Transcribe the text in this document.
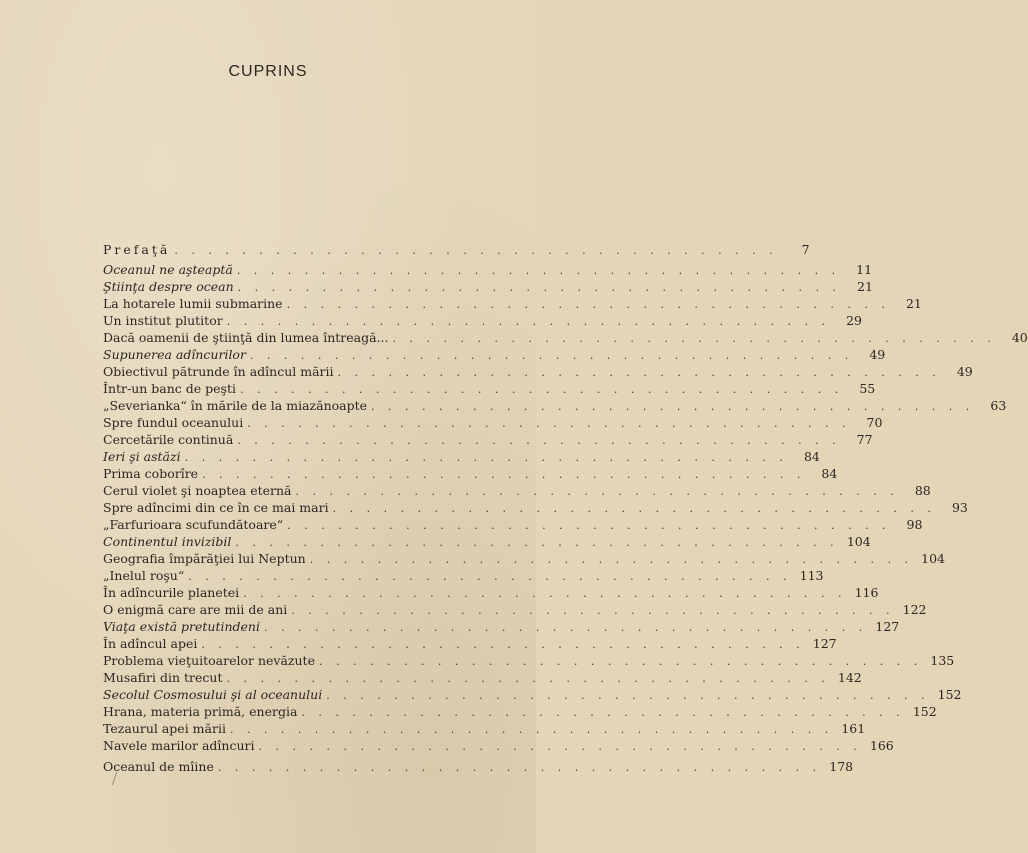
CUPRINS
Prefaţă . . . . . . . . . . . . . . . . . . . . . . . . . . . . . . . . . . . .	7
Oceanul ne aşteaptă . . . . . . . . . . . . . . . . . . . . . . . . . . . . . . . . . . . .	11
Ştiinţa despre ocean . . . . . . . . . . . . . . . . . . . . . . . . . . . . . . . . . . . .	21
La hotarele lumii submarine . . . . . . . . . . . . . . . . . . . . . . . . . . . . . . . . . . . .	21
Un institut plutitor . . . . . . . . . . . . . . . . . . . . . . . . . . . . . . . . . . . .	29
Dacă oamenii de ştiinţă din lumea întreagă... . . . . . . . . . . . . . . . . . . . . . . . . . . . . . . . . . . . .	40
Supunerea adîncurilor . . . . . . . . . . . . . . . . . . . . . . . . . . . . . . . . . . . .	49
Obiectivul pătrunde în adîncul mării . . . . . . . . . . . . . . . . . . . . . . . . . . . . . . . . . . . .	49
Într-un banc de peşti . . . . . . . . . . . . . . . . . . . . . . . . . . . . . . . . . . . .	55
„Severianka“ în mările de la miazănoapte . . . . . . . . . . . . . . . . . . . . . . . . . . . . . . . . . . . .	63
Spre fundul oceanului . . . . . . . . . . . . . . . . . . . . . . . . . . . . . . . . . . . .	70
Cercetările continuă . . . . . . . . . . . . . . . . . . . . . . . . . . . . . . . . . . . .	77
Ieri şi astăzi . . . . . . . . . . . . . . . . . . . . . . . . . . . . . . . . . . . .	84
Prima coborîre . . . . . . . . . . . . . . . . . . . . . . . . . . . . . . . . . . . .	84
Cerul violet şi noaptea eternă . . . . . . . . . . . . . . . . . . . . . . . . . . . . . . . . . . . .	88
Spre adîncimi din ce în ce mai mari . . . . . . . . . . . . . . . . . . . . . . . . . . . . . . . . . . . .	93
„Farfurioara scufundătoare“ . . . . . . . . . . . . . . . . . . . . . . . . . . . . . . . . . . . .	98
Continentul invizibil . . . . . . . . . . . . . . . . . . . . . . . . . . . . . . . . . . . . 104
Geografia împărăţiei lui Neptun . . . . . . . . . . . . . . . . . . . . . . . . . . . . . . . . . . . . 104
„Inelul roşu“ . . . . . . . . . . . . . . . . . . . . . . . . . . . . . . . . . . . . 113
În adîncurile planetei . . . . . . . . . . . . . . . . . . . . . . . . . . . . . . . . . . . . 116
O enigmă care are mii de ani . . . . . . . . . . . . . . . . . . . . . . . . . . . . . . . . . . . . 122
Viaţa există pretutindeni . . . . . . . . . . . . . . . . . . . . . . . . . . . . . . . . . . . . 127
În adîncul apei . . . . . . . . . . . . . . . . . . . . . . . . . . . . . . . . . . . . 127
Problema vieţuitoarelor nevăzute . . . . . . . . . . . . . . . . . . . . . . . . . . . . . . . . . . . . 135
Musafiri din trecut . . . . . . . . . . . . . . . . . . . . . . . . . . . . . . . . . . . . 142
Secolul Cosmosului şi al oceanului . . . . . . . . . . . . . . . . . . . . . . . . . . . . . . . . . . . . 152
Hrana, materia primă, energia . . . . . . . . . . . . . . . . . . . . . . . . . . . . . . . . . . . . 152
Tezaurul apei mării . . . . . . . . . . . . . . . . . . . . . . . . . . . . . . . . . . . . 161
Navele marilor adîncuri . . . . . . . . . . . . . . . . . . . . . . . . . . . . . . . . . . . . 166
Oceanul de mîine . . . . . . . . . . . . . . . . . . . . . . . . . . . . . . . . . . . . 178
